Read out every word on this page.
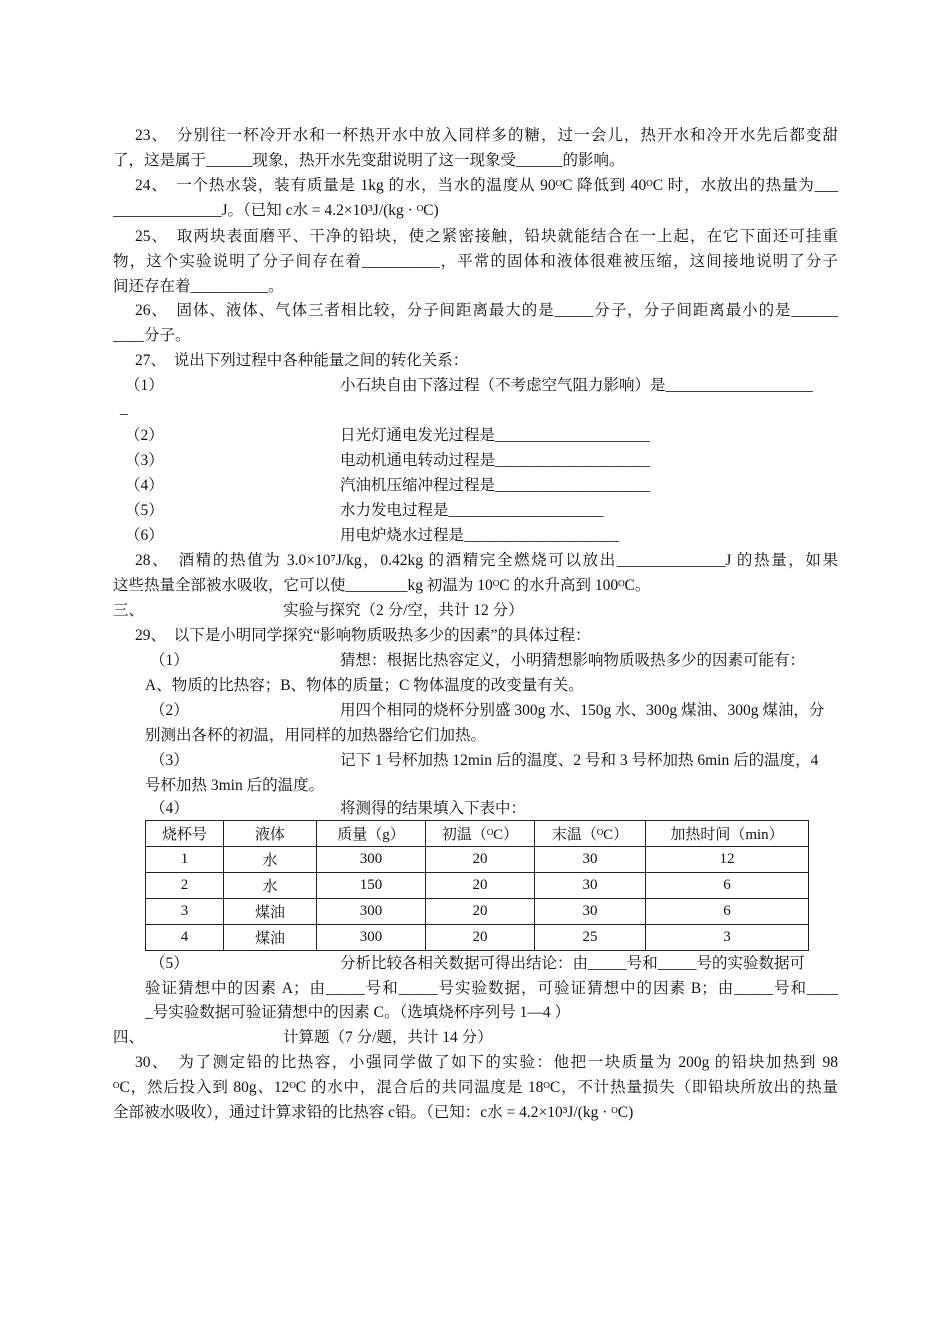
23、　分别往一杯冷开水和一杯热开水中放入同样多的糖，过一会儿，热开水和冷开水先后都变甜
了，这是属于______现象，热开水先变甜说明了这一现象受______的影响。
24、　一个热水袋，装有质量是 1kg 的水，当水的温度从 90ᴼC 降低到 40ᴼC 时，水放出的热量为___
______________J。（已知 c水 = 4.2×10³J/(kg · ᴼC)
25、　取两块表面磨平、干净的铅块，使之紧密接触，铅块就能结合在一上起，在它下面还可挂重
物，这个实验说明了分子间存在着__________，平常的固体和液体很难被压缩，这间接地说明了分子
间还存在着__________。
26、　固体、液体、气体三者相比较，分子间距离最大的是_____分子，分子间距离最小的是______
____分子。
27、　说出下列过程中各种能量之间的转化关系：
（1）	小石块自由下落过程（不考虑空气阻力影响）是___________________
_
（2）	日光灯通电发光过程是____________________
（3）	电动机通电转动过程是____________________
（4）	汽油机压缩冲程过程是____________________
（5）	水力发电过程是____________________
（6）	用电炉烧水过程是____________________
28、　酒精的热值为 3.0×10⁷J/kg，0.42kg 的酒精完全燃烧可以放出______________J 的热量，如果
这些热量全部被水吸收，它可以使________kg 初温为 10ᴼC 的水升高到 100ᴼC。
三、	实验与探究（2 分/空，共计 12 分）
29、　以下是小明同学探究“影响物质吸热多少的因素”的具体过程：
（1）	猜想：根据比热容定义，小明猜想影响物质吸热多少的因素可能有：
A、物质的比热容；B、物体的质量；C 物体温度的改变量有关。
（2）	用四个相同的烧杯分别盛 300g 水、150g 水、300g 煤油、300g 煤油，分
别测出各杯的初温，用同样的加热器给它们加热。
（3）	记下 1 号杯加热 12min 后的温度、2 号和 3 号杯加热 6min 后的温度，4
号杯加热 3min 后的温度。
（4）	将测得的结果填入下表中：
烧杯号	液体	质量（g）	初温（ᴼC）	末温（ᴼC）	加热时间（min）
1	水	300	20	30	12
2	水	150	20	30	6
3	煤油	300	20	30	6
4	煤油	300	20	25	3
（5）	分析比较各相关数据可得出结论：由_____号和_____号的实验数据可
验证猜想中的因素 A；由_____号和_____号实验数据，可验证猜想中的因素 B；由_____号和____
_号实验数据可验证猜想中的因素 C。（选填烧杯序列号 1—4 ）
四、	计算题（7 分/题，共计 14 分）
30、　为了测定铅的比热容，小强同学做了如下的实验：他把一块质量为 200g 的铅块加热到 98
ᴼC，然后投入到 80g、12ᴼC 的水中，混合后的共同温度是 18ᴼC，不计热量损失（即铅块所放出的热量
全部被水吸收），通过计算求铅的比热容 c铅。（已知：c水 = 4.2×10³J/(kg · ᴼC)
